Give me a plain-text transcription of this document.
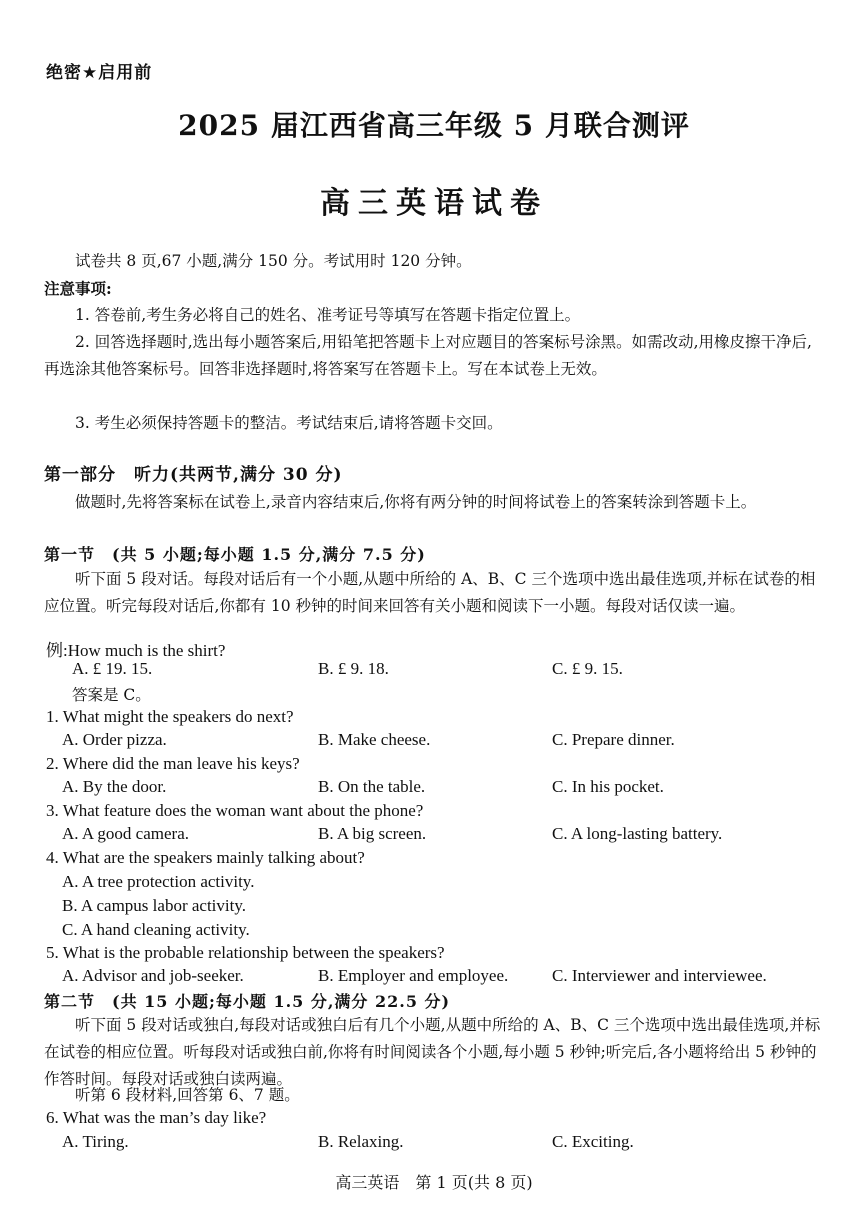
绝密★启用前
2025 届江西省高三年级 5 月联合测评
高三英语试卷
试卷共 8 页,67 小题,满分 150 分。考试用时 120 分钟。
注意事项:
1. 答卷前,考生务必将自己的姓名、准考证号等填写在答题卡指定位置上。
2. 回答选择题时,选出每小题答案后,用铅笔把答题卡上对应题目的答案标号涂黑。如需改动,用橡皮擦干净后,再选涂其他答案标号。回答非选择题时,将答案写在答题卡上。写在本试卷上无效。
3. 考生必须保持答题卡的整洁。考试结束后,请将答题卡交回。
第一部分　听力(共两节,满分 30 分)
做题时,先将答案标在试卷上,录音内容结束后,你将有两分钟的时间将试卷上的答案转涂到答题卡上。
第一节　(共 5 小题;每小题 1.5 分,满分 7.5 分)
听下面 5 段对话。每段对话后有一个小题,从题中所给的 A、B、C 三个选项中选出最佳选项,并标在试卷的相应位置。听完每段对话后,你都有 10 秒钟的时间来回答有关小题和阅读下一小题。每段对话仅读一遍。
例:How much is the shirt?
A. £ 19. 15.	B. £ 9. 18.	C. £ 9. 15.
答案是 C。
1. What might the speakers do next?
A. Order pizza.	B. Make cheese.	C. Prepare dinner.
2. Where did the man leave his keys?
A. By the door.	B. On the table.	C. In his pocket.
3. What feature does the woman want about the phone?
A. A good camera.	B. A big screen.	C. A long-lasting battery.
4. What are the speakers mainly talking about?
A. A tree protection activity.
B. A campus labor activity.
C. A hand cleaning activity.
5. What is the probable relationship between the speakers?
A. Advisor and job-seeker.	B. Employer and employee.	C. Interviewer and interviewee.
第二节　(共 15 小题;每小题 1.5 分,满分 22.5 分)
听下面 5 段对话或独白,每段对话或独白后有几个小题,从题中所给的 A、B、C 三个选项中选出最佳选项,并标在试卷的相应位置。听每段对话或独白前,你将有时间阅读各个小题,每小题 5 秒钟;听完后,各小题将给出 5 秒钟的作答时间。每段对话或独白读两遍。
听第 6 段材料,回答第 6、7 题。
6. What was the man’s day like?
A. Tiring.	B. Relaxing.	C. Exciting.
高三英语　第 1 页(共 8 页)
